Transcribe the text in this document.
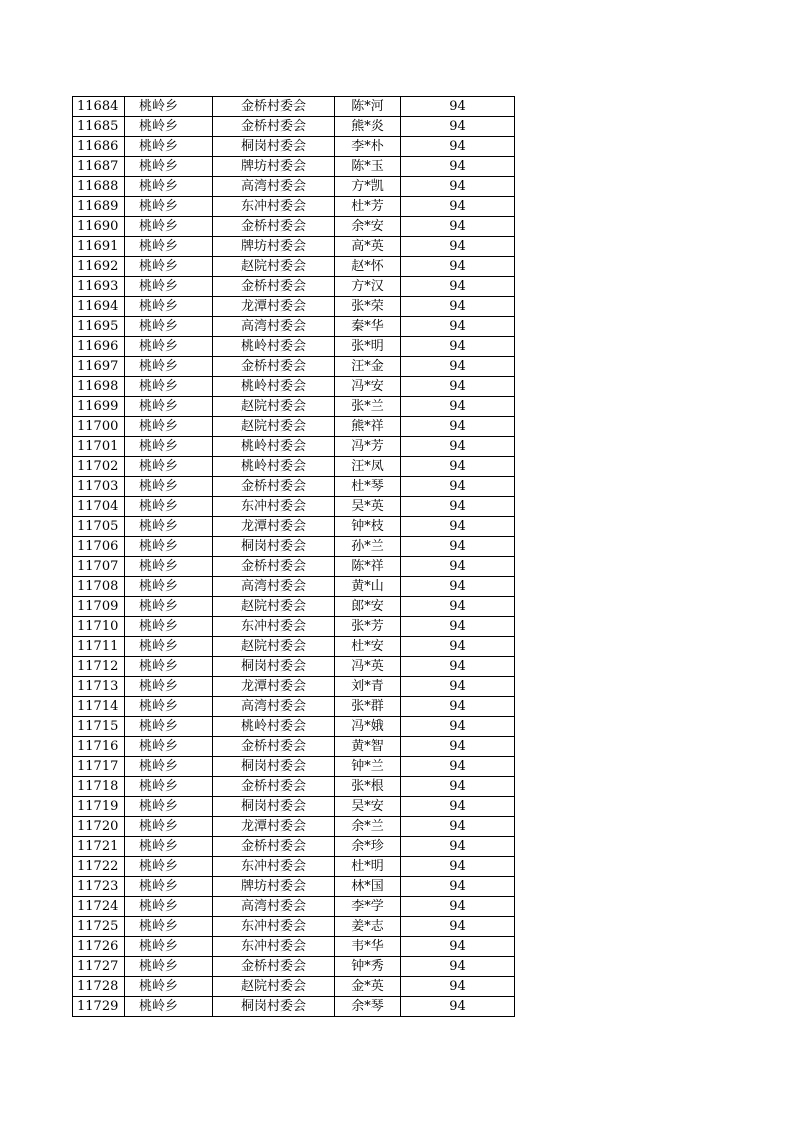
11684	桃岭乡	金桥村委会	陈*河	94
11685	桃岭乡	金桥村委会	熊*炎	94
11686	桃岭乡	桐岗村委会	李*朴	94
11687	桃岭乡	牌坊村委会	陈*玉	94
11688	桃岭乡	高湾村委会	方*凯	94
11689	桃岭乡	东冲村委会	杜*芳	94
11690	桃岭乡	金桥村委会	余*安	94
11691	桃岭乡	牌坊村委会	高*英	94
11692	桃岭乡	赵院村委会	赵*怀	94
11693	桃岭乡	金桥村委会	方*汉	94
11694	桃岭乡	龙潭村委会	张*荣	94
11695	桃岭乡	高湾村委会	秦*华	94
11696	桃岭乡	桃岭村委会	张*明	94
11697	桃岭乡	金桥村委会	汪*金	94
11698	桃岭乡	桃岭村委会	冯*安	94
11699	桃岭乡	赵院村委会	张*兰	94
11700	桃岭乡	赵院村委会	熊*祥	94
11701	桃岭乡	桃岭村委会	冯*芳	94
11702	桃岭乡	桃岭村委会	汪*凤	94
11703	桃岭乡	金桥村委会	杜*琴	94
11704	桃岭乡	东冲村委会	吴*英	94
11705	桃岭乡	龙潭村委会	钟*枝	94
11706	桃岭乡	桐岗村委会	孙*兰	94
11707	桃岭乡	金桥村委会	陈*祥	94
11708	桃岭乡	高湾村委会	黄*山	94
11709	桃岭乡	赵院村委会	郎*安	94
11710	桃岭乡	东冲村委会	张*芳	94
11711	桃岭乡	赵院村委会	杜*安	94
11712	桃岭乡	桐岗村委会	冯*英	94
11713	桃岭乡	龙潭村委会	刘*青	94
11714	桃岭乡	高湾村委会	张*群	94
11715	桃岭乡	桃岭村委会	冯*娥	94
11716	桃岭乡	金桥村委会	黄*智	94
11717	桃岭乡	桐岗村委会	钟*兰	94
11718	桃岭乡	金桥村委会	张*根	94
11719	桃岭乡	桐岗村委会	吴*安	94
11720	桃岭乡	龙潭村委会	余*兰	94
11721	桃岭乡	金桥村委会	余*珍	94
11722	桃岭乡	东冲村委会	杜*明	94
11723	桃岭乡	牌坊村委会	林*国	94
11724	桃岭乡	高湾村委会	李*学	94
11725	桃岭乡	东冲村委会	姜*志	94
11726	桃岭乡	东冲村委会	韦*华	94
11727	桃岭乡	金桥村委会	钟*秀	94
11728	桃岭乡	赵院村委会	金*英	94
11729	桃岭乡	桐岗村委会	余*琴	94
